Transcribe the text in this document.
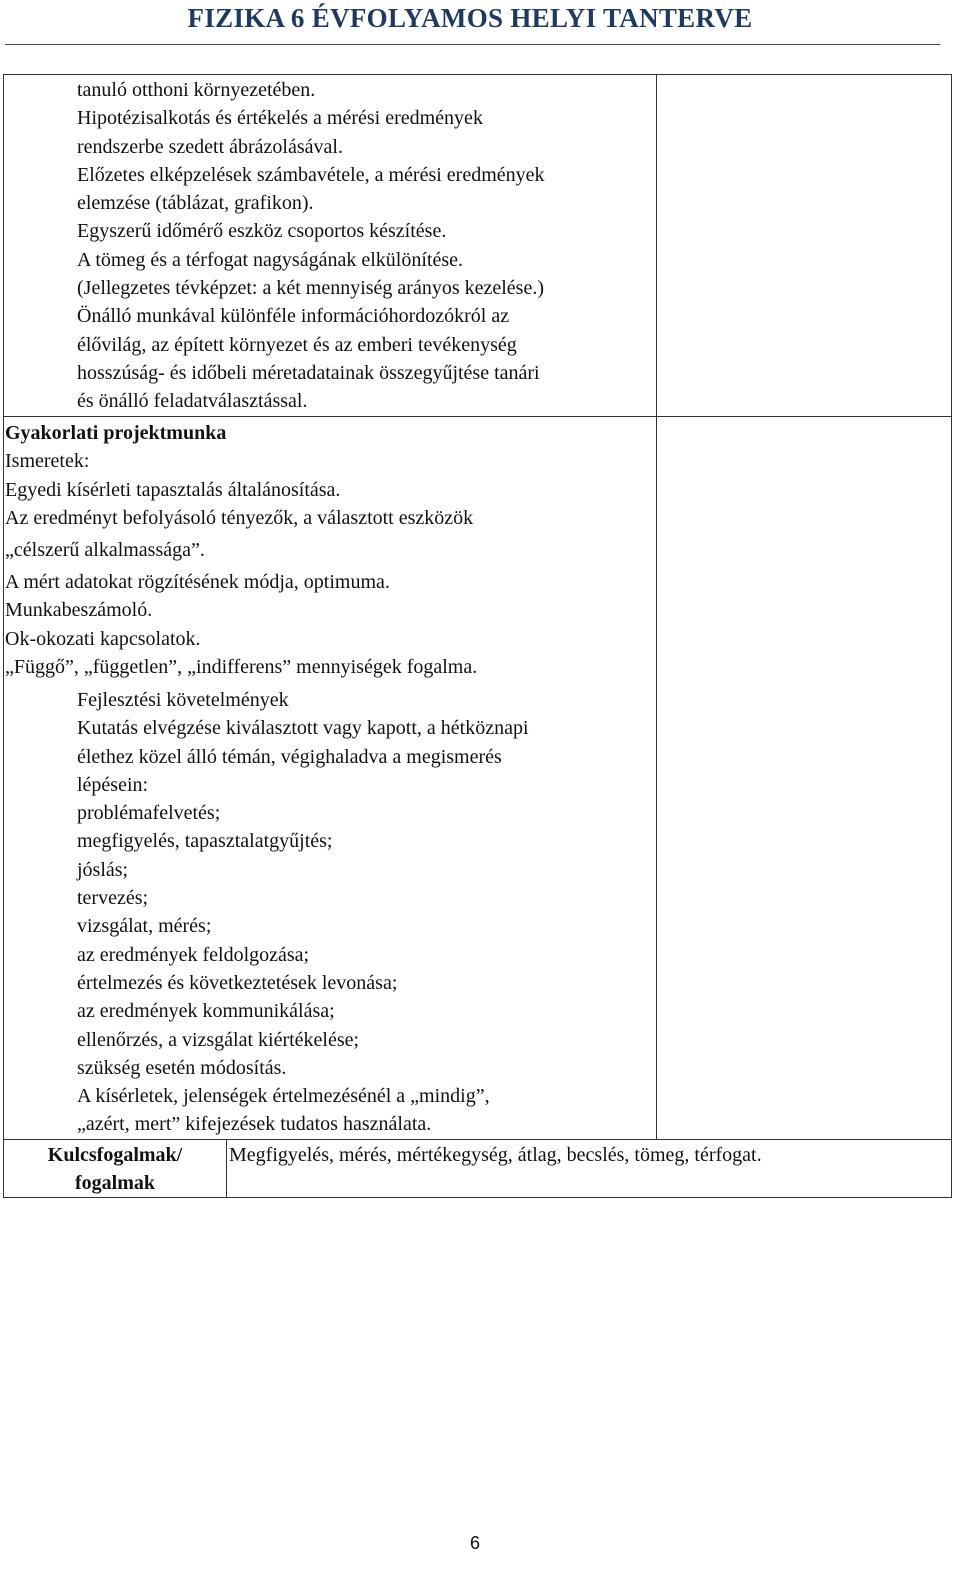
FIZIKA 6 ÉVFOLYAMOS HELYI TANTERVE
tanuló otthoni környezetében.
Hipotézisalkotás és értékelés a mérési eredmények
rendszerbe szedett ábrázolásával.
Előzetes elképzelések számbavétele, a mérési eredmények
elemzése (táblázat, grafikon).
Egyszerű időmérő eszköz csoportos készítése.
A tömeg és a térfogat nagyságának elkülönítése.
(Jellegzetes tévképzet: a két mennyiség arányos kezelése.)
Önálló munkával különféle információhordozókról az
élővilág, az épített környezet és az emberi tevékenység
hosszúság- és időbeli méretadatainak összegyűjtése tanári
és önálló feladatválasztással.
Gyakorlati projektmunka
Ismeretek:
Egyedi kísérleti tapasztalás általánosítása.
Az eredményt befolyásoló tényezők, a választott eszközök
„célszerű alkalmassága”.
A mért adatokat rögzítésének módja, optimuma.
Munkabeszámoló.
Ok-okozati kapcsolatok.
„Függő”, „független”, „indifferens” mennyiségek fogalma.
Fejlesztési követelmények
Kutatás elvégzése kiválasztott vagy kapott, a hétköznapi
élethez közel álló témán, végighaladva a megismerés
lépésein:
problémafelvetés;
megfigyelés, tapasztalatgyűjtés;
jóslás;
tervezés;
vizsgálat, mérés;
az eredmények feldolgozása;
értelmezés és következtetések levonása;
az eredmények kommunikálása;
ellenőrzés, a vizsgálat kiértékelése;
szükség esetén módosítás.
A kísérletek, jelenségek értelmezésénél a „mindig”,
„azért, mert” kifejezések tudatos használata.
Kulcsfogalmak/
fogalmak
Megfigyelés, mérés, mértékegység, átlag, becslés, tömeg, térfogat.
6
